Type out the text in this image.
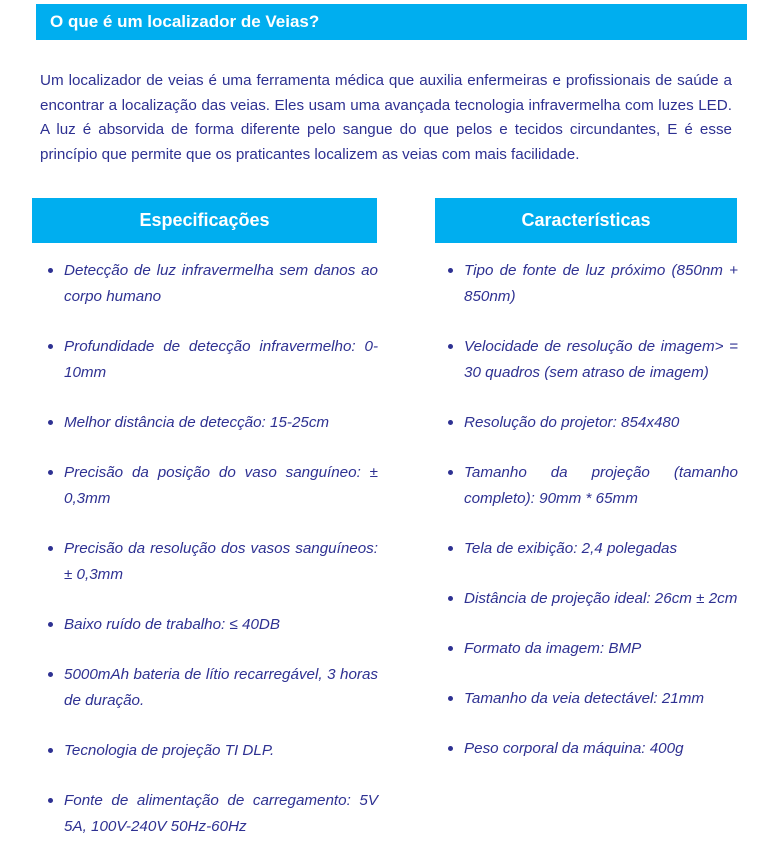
O que é um localizador de Veias?

Um localizador de veias é uma ferramenta médica que auxilia enfermeiras e profissionais de saúde a encontrar a localização das veias. Eles usam uma avançada tecnologia infravermelha com luzes LED. A luz é absorvida de forma diferente pelo sangue do que pelos e tecidos circundantes, E é esse princípio que permite que os praticantes localizem as veias com mais facilidade.

Especificações	Características
Detecção de luz infravermelha sem danos ao corpo humano
Profundidade de detecção infravermelho: 0-10mm
Melhor distância de detecção: 15-25cm
Precisão da posição do vaso sanguíneo: ± 0,3mm
Precisão da resolução dos vasos sanguíneos: ± 0,3mm
Baixo ruído de trabalho: ≤ 40DB
5000mAh bateria de lítio recarregável, 3 horas de duração.
Tecnologia de projeção TI DLP.
Fonte de alimentação de carregamento: 5V 5A, 100V-240V 50Hz-60Hz
Tipo de fonte de luz próximo (850nm + 850nm)
Velocidade de resolução de imagem> = 30 quadros (sem atraso de imagem)
Resolução do projetor: 854x480
Tamanho da projeção (tamanho completo): 90mm * 65mm
Tela de exibição: 2,4 polegadas
Distância de projeção ideal: 26cm ± 2cm
Formato da imagem: BMP
Tamanho da veia detectável: 21mm
Peso corporal da máquina: 400g
